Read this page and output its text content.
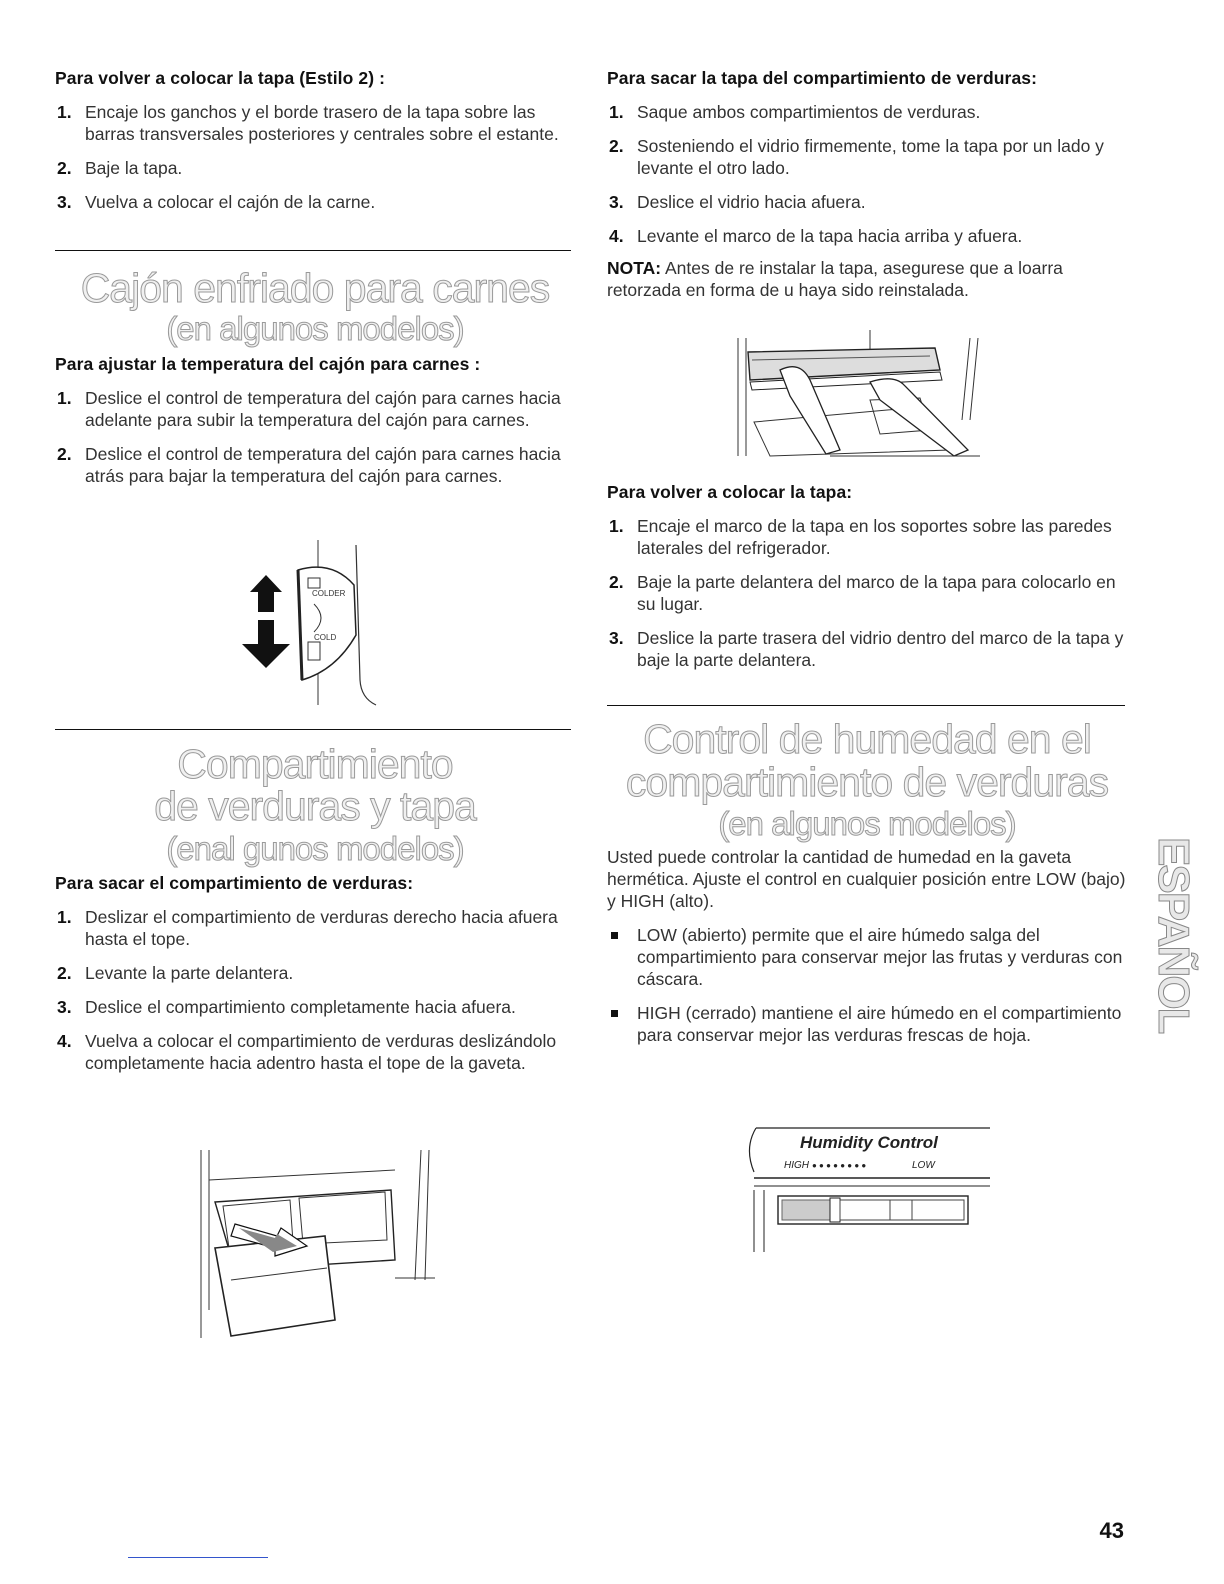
Para volver a colocar la tapa (Estilo 2) :
1. Encaje los ganchos y el borde trasero de la tapa sobre las barras transversales posteriores y centrales sobre el estante.
2. Baje la tapa.
3. Vuelva a colocar el cajón de la carne.
Cajón enfriado para carnes
(en algunos modelos)
Para ajustar la temperatura del cajón para carnes :
1. Deslice el control de temperatura del cajón para carnes hacia adelante para subir la temperatura del cajón para carnes.
2. Deslice el control de temperatura del cajón para carnes hacia atrás para bajar la temperatura del cajón para carnes.
COLDER
COLD
Compartimiento
de verduras y tapa
(enal gunos modelos)
Para sacar el compartimiento de verduras:
1. Deslizar el compartimiento de verduras derecho hacia afuera hasta el tope.
2. Levante la parte delantera.
3. Deslice el compartimiento completamente hacia afuera.
4. Vuelva a colocar el compartimiento de verduras deslizándolo completamente hacia adentro hasta el tope de la gaveta.
Para sacar la tapa del compartimiento de verduras:
1. Saque ambos compartimientos de verduras.
2. Sosteniendo el vidrio firmemente, tome la tapa por un lado y levante el otro lado.
3. Deslice el vidrio hacia afuera.
4. Levante el marco de la tapa hacia arriba y afuera.

NOTA: Antes de re instalar la tapa, asegurese que a loarra retorzada en forma de u haya sido reinstalada.

Para volver a colocar la tapa:
1. Encaje el marco de la tapa en los soportes sobre las paredes laterales del refrigerador.
2. Baje la parte delantera del marco de la tapa para colocarlo en su lugar.
3. Deslice la parte trasera del vidrio dentro del marco de la tapa y baje la parte delantera.
Control de humedad en el
compartimiento de verduras
(en algunos modelos)

Usted puede controlar la cantidad de humedad en la gaveta hermética. Ajuste el control en cualquier posición entre LOW (bajo) y HIGH (alto).

LOW (abierto) permite que el aire húmedo salga del compartimiento para conservar mejor las frutas y verduras con cáscara.
HIGH (cerrado) mantiene el aire húmedo en el compartimiento para conservar mejor las verduras frescas de hoja.
Humidity Control
HIGH ● ● ● ● ● ● ● ●	LOW
ESPAÑOL
43
